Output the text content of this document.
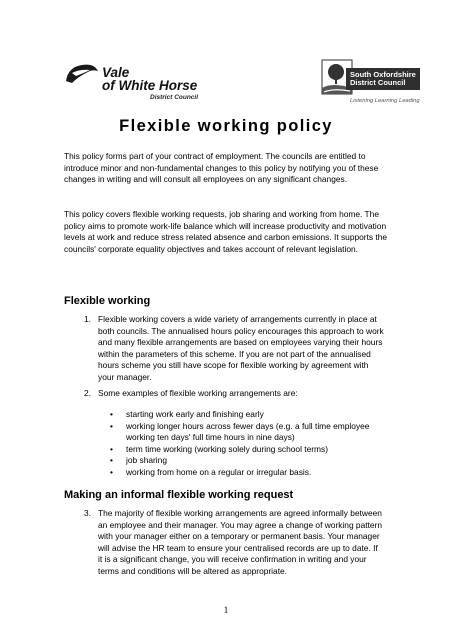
Vale
of White Horse
District Council
South Oxfordshire
District Council
Listening Learning Leading
Flexible working policy
This policy forms part of your contract of employment. The councils are entitled to introduce minor and non-fundamental changes to this policy by notifying you of these changes in writing and will consult all employees on any significant changes.
This policy covers flexible working requests, job sharing and working from home. The policy aims to promote work-life balance which will increase productivity and motivation levels at work and reduce stress related absence and carbon emissions. It supports the councils' corporate equality objectives and takes account of relevant legislation.
Flexible working
1. Flexible working covers a wide variety of arrangements currently in place at both councils. The annualised hours policy encourages this approach to work and many flexible arrangements are based on employees varying their hours within the parameters of this scheme. If you are not part of the annualised hours scheme you still have scope for flexible working by agreement with your manager.
2. Some examples of flexible working arrangements are:
• starting work early and finishing early
• working longer hours across fewer days (e.g. a full time employee working ten days' full time hours in nine days)
• term time working (working solely during school terms)
• job sharing
• working from home on a regular or irregular basis.
Making an informal flexible working request
3. The majority of flexible working arrangements are agreed informally between an employee and their manager. You may agree a change of working pattern with your manager either on a temporary or permanent basis. Your manager will advise the HR team to ensure your centralised records are up to date. If it is a significant change, you will receive confirmation in writing and your terms and conditions will be altered as appropriate.
1
